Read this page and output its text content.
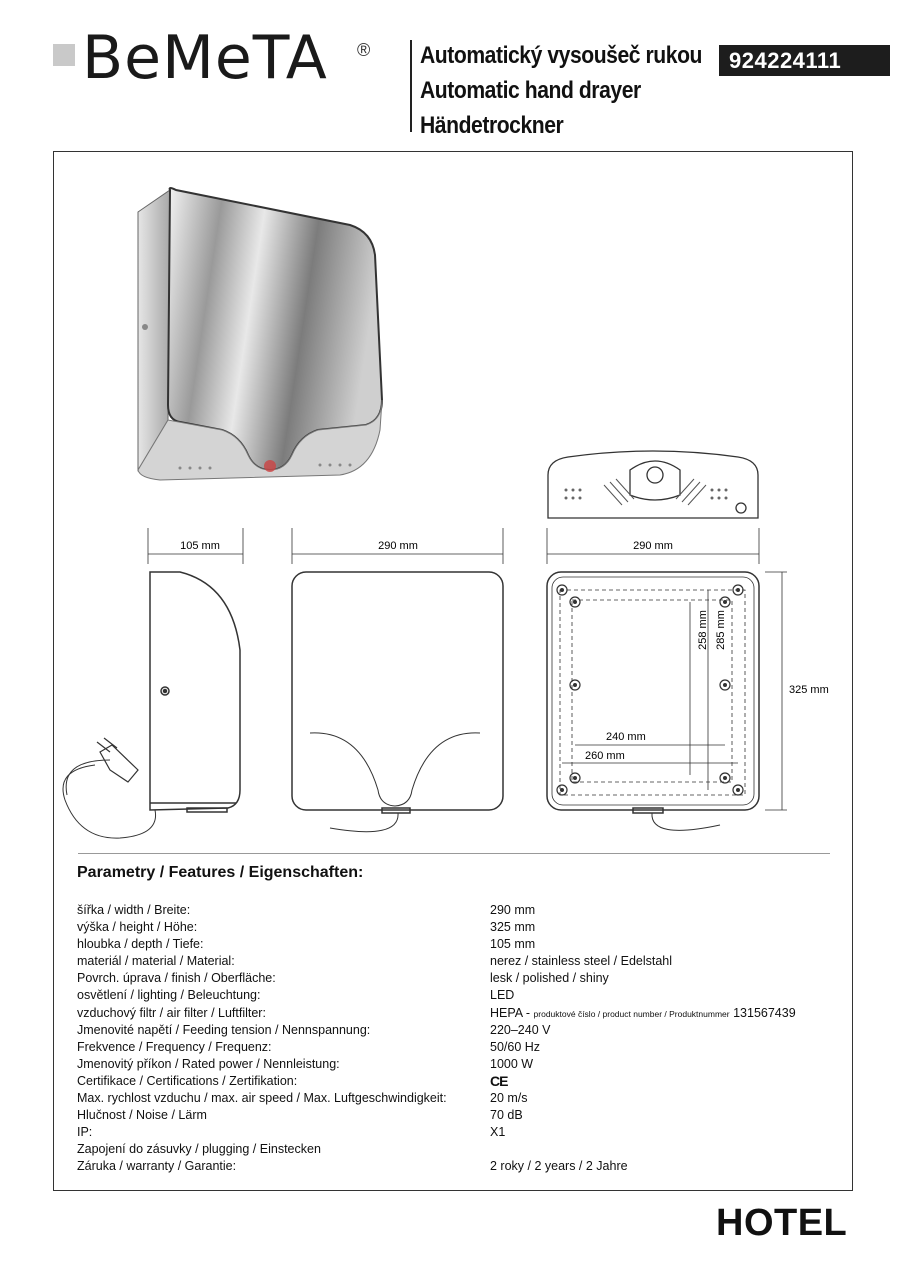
BeMeTA ® Automatický vysoušeč rukou
Automatic hand drayer
Händetrockner
924224111
105 mm	290 mm	290 mm
258 mm 285 mm
240 mm
260 mm
325 mm
Parametry / Features / Eigenschaften:
šířka / width / Breite:	290 mm
výška / height / Höhe:	325 mm
hloubka / depth / Tiefe:	105 mm
materiál / material / Material:	nerez / stainless steel / Edelstahl
Povrch. úprava / finish / Oberfläche:	lesk / polished / shiny
osvětlení / lighting / Beleuchtung:	LED
vzduchový filtr / air filter / Luftfilter:	HEPA - produktové číslo / product number / Produktnummer 131567439
Jmenovité napětí / Feeding tension / Nennspannung:	220–240 V
Frekvence / Frequency / Frequenz:	50/60 Hz
Jmenovitý příkon / Rated power / Nennleistung:	1000 W
Certifikace / Certifications / Zertifikation:	CE
Max. rychlost vzduchu / max. air speed / Max. Luftgeschwindigkeit:	20 m/s
Hlučnost / Noise / Lärm	70 dB
IP:	X1
Zapojení do zásuvky / plugging / Einstecken
Záruka / warranty / Garantie:	2 roky / 2 years / 2 Jahre
HOTEL
